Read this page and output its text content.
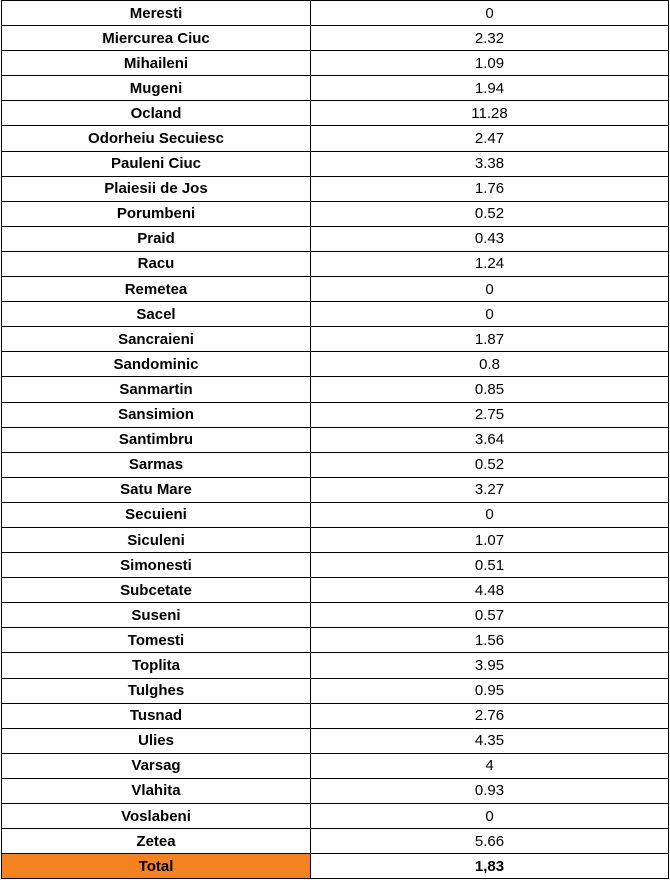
Meresti	0
Miercurea Ciuc	2.32
Mihaileni	1.09
Mugeni	1.94
Ocland	11.28
Odorheiu Secuiesc	2.47
Pauleni Ciuc	3.38
Plaiesii de Jos	1.76
Porumbeni	0.52
Praid	0.43
Racu	1.24
Remetea	0
Sacel	0
Sancraieni	1.87
Sandominic	0.8
Sanmartin	0.85
Sansimion	2.75
Santimbru	3.64
Sarmas	0.52
Satu Mare	3.27
Secuieni	0
Siculeni	1.07
Simonesti	0.51
Subcetate	4.48
Suseni	0.57
Tomesti	1.56
Toplita	3.95
Tulghes	0.95
Tusnad	2.76
Ulies	4.35
Varsag	4
Vlahita	0.93
Voslabeni	0
Zetea	5.66
Total	1,83
